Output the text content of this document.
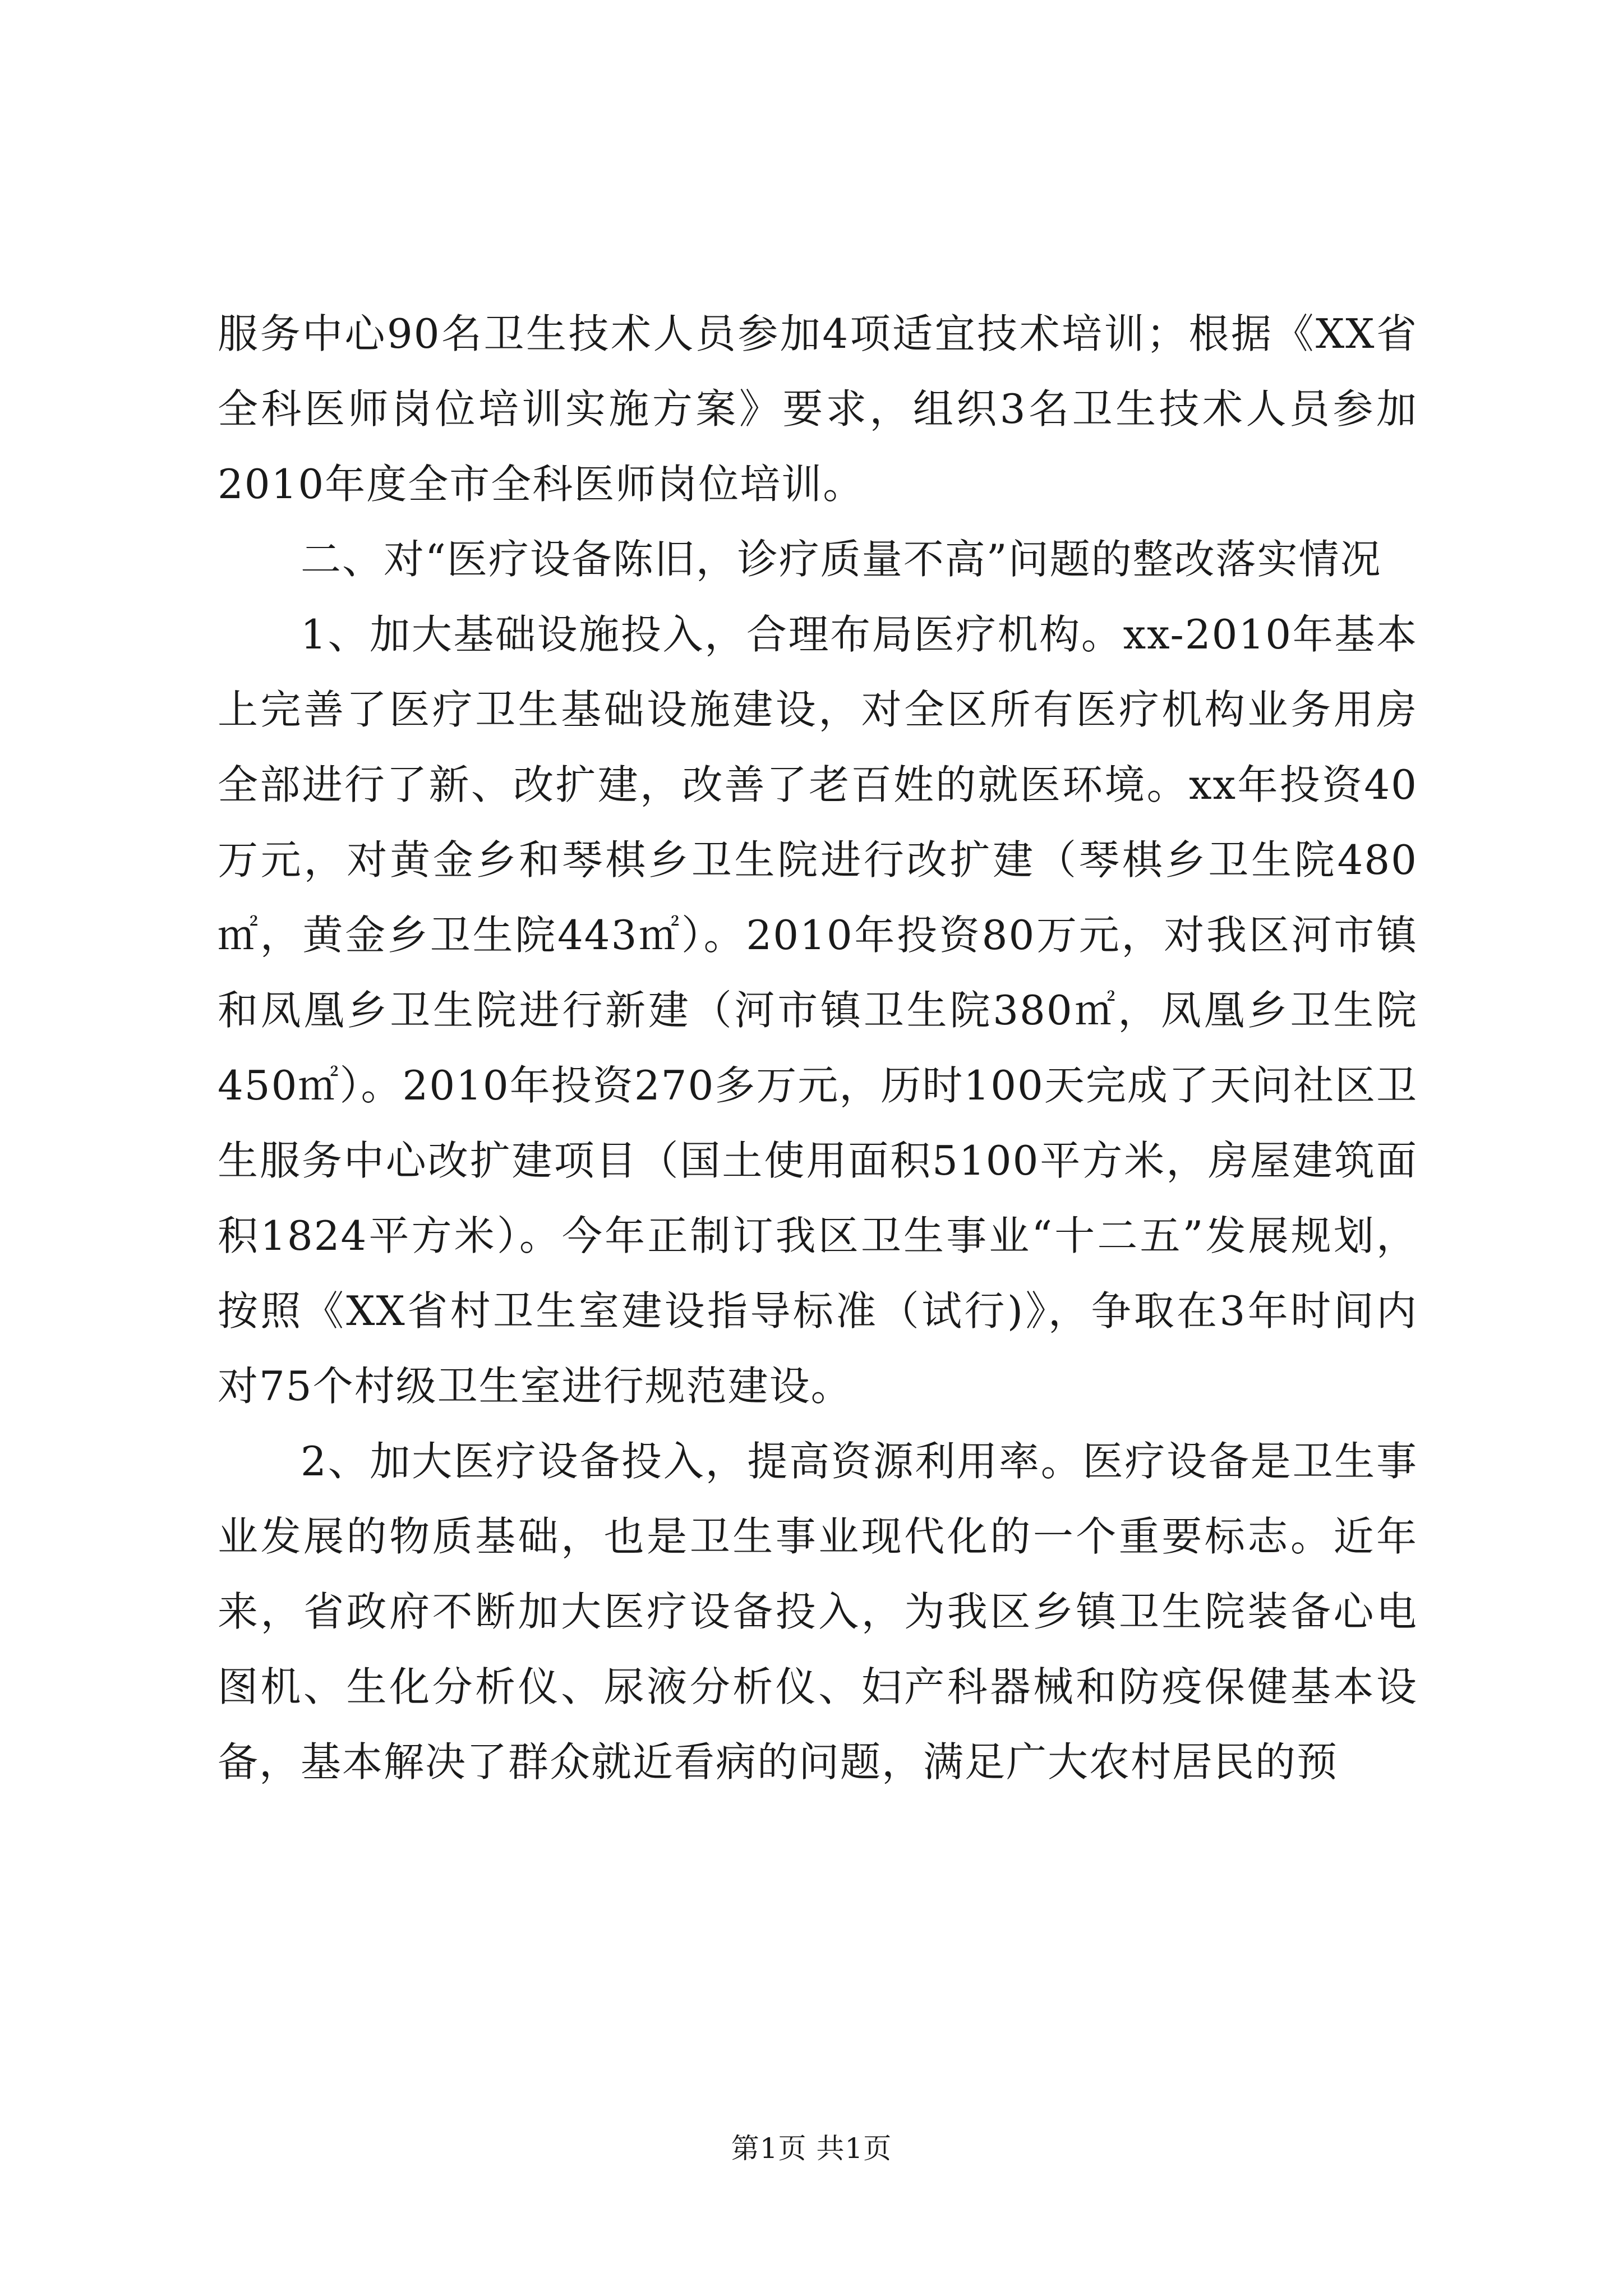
服务中心90名卫生技术人员参加4项适宜技术培训；根据《XX省全科医师岗位培训实施方案》要求，组织3名卫生技术人员参加2010年度全市全科医师岗位培训。

二、对“医疗设备陈旧，诊疗质量不高”问题的整改落实情况

1、加大基础设施投入，合理布局医疗机构。xx-2010年基本上完善了医疗卫生基础设施建设，对全区所有医疗机构业务用房全部进行了新、改扩建，改善了老百姓的就医环境。xx年投资40万元，对黄金乡和琴棋乡卫生院进行改扩建（琴棋乡卫生院480㎡，黄金乡卫生院443㎡）。2010年投资80万元，对我区河市镇和凤凰乡卫生院进行新建（河市镇卫生院380㎡，凤凰乡卫生院450㎡）。2010年投资270多万元，历时100天完成了天问社区卫生服务中心改扩建项目（国土使用面积5100平方米，房屋建筑面积1824平方米）。今年正制订我区卫生事业“十二五”发展规划，按照《XX省村卫生室建设指导标准（试行)》，争取在3年时间内对75个村级卫生室进行规范建设。

2、加大医疗设备投入，提高资源利用率。医疗设备是卫生事业发展的物质基础，也是卫生事业现代化的一个重要标志。近年来，省政府不断加大医疗设备投入，为我区乡镇卫生院装备心电图机、生化分析仪、尿液分析仪、妇产科器械和防疫保健基本设备，基本解决了群众就近看病的问题，满足广大农村居民的预

第1页 共1页
